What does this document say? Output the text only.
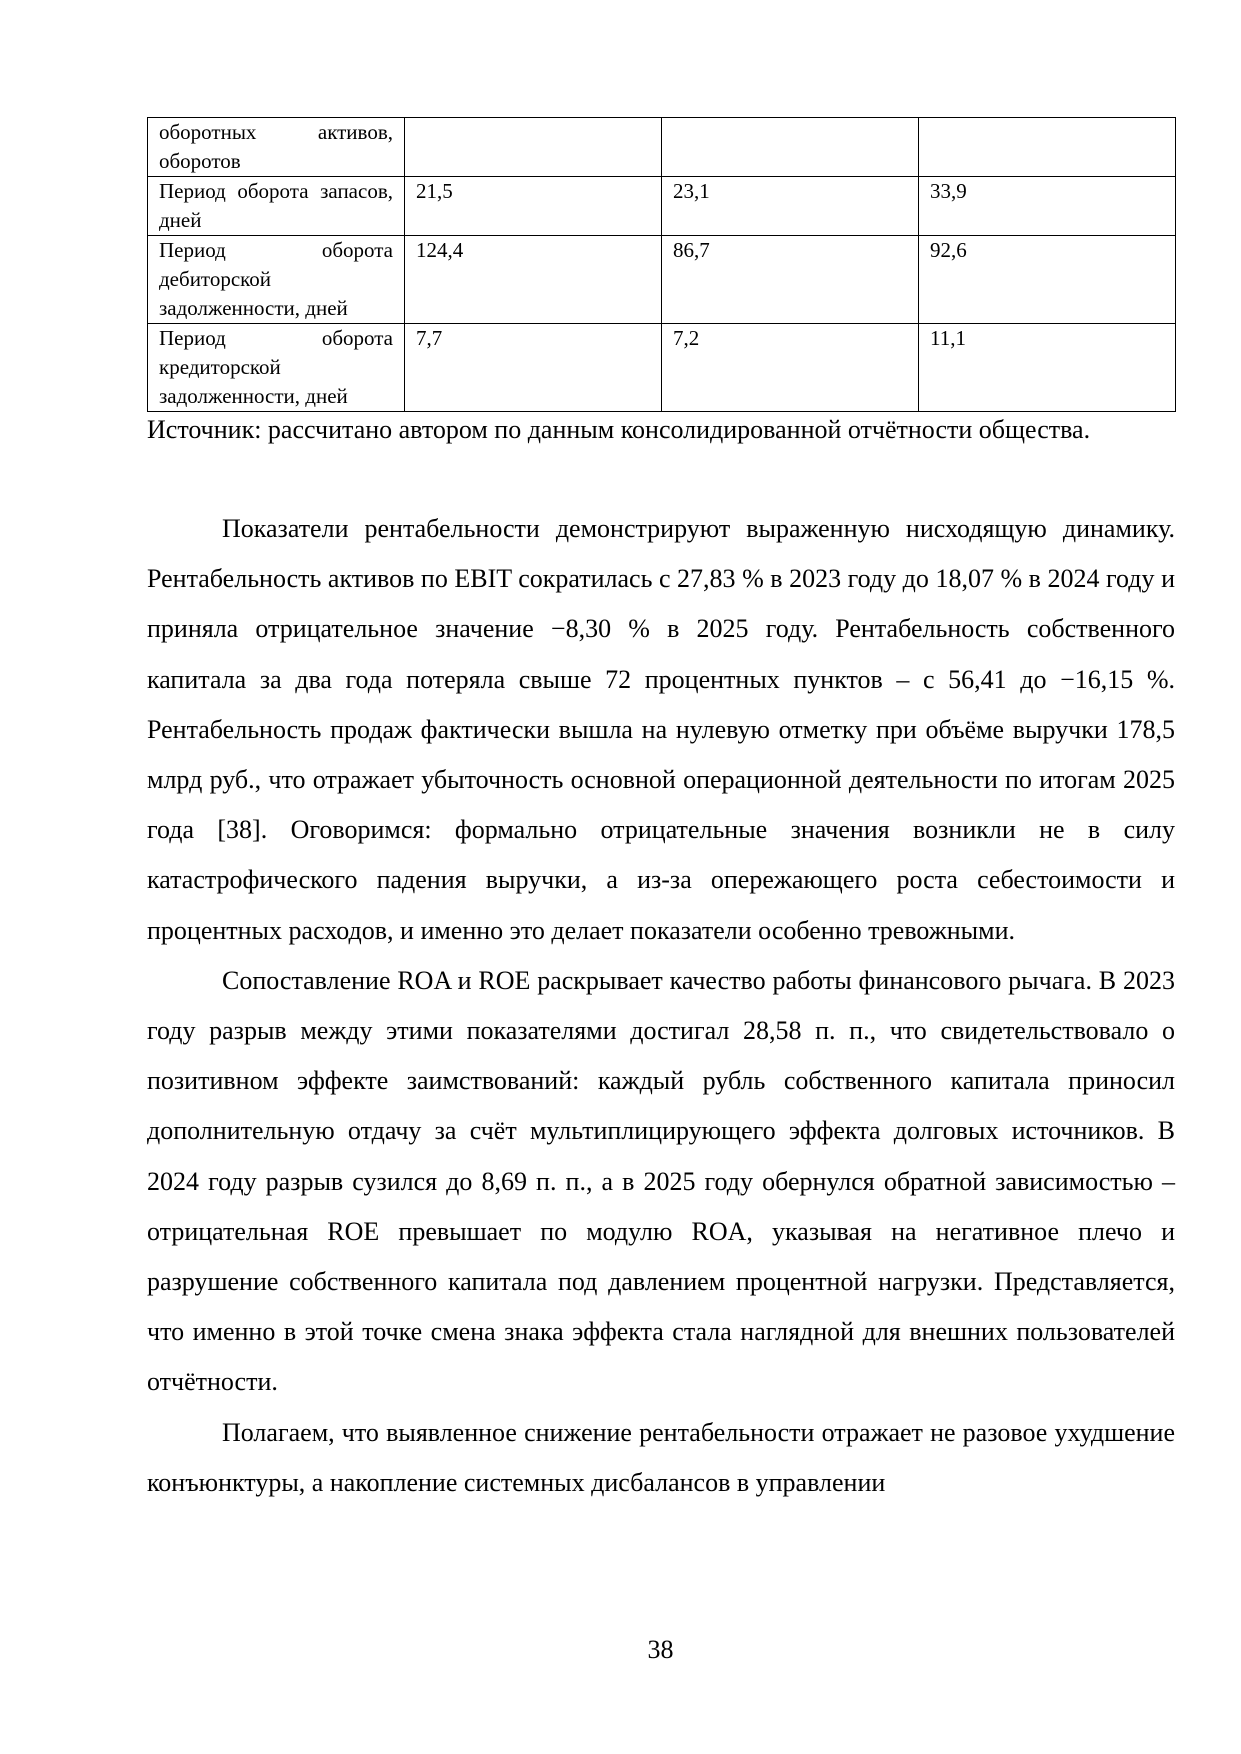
оборотных активов, оборотов			
Период оборота запасов, дней	21,5	23,1	33,9
Период оборота дебиторской задолженности, дней	124,4	86,7	92,6
Период оборота кредиторской задолженности, дней	7,7	7,2	11,1

Источник: рассчитано автором по данным консолидированной отчётности общества.

Показатели рентабельности демонстрируют выраженную нисходящую динамику. Рентабельность активов по EBIT сократилась с 27,83 % в 2023 году до 18,07 % в 2024 году и приняла отрицательное значение −8,30 % в 2025 году. Рентабельность собственного капитала за два года потеряла свыше 72 процентных пунктов – с 56,41 до −16,15 %. Рентабельность продаж фактически вышла на нулевую отметку при объёме выручки 178,5 млрд руб., что отражает убыточность основной операционной деятельности по итогам 2025 года [38]. Оговоримся: формально отрицательные значения возникли не в силу катастрофического падения выручки, а из-за опережающего роста себестоимости и процентных расходов, и именно это делает показатели особенно тревожными.

Сопоставление ROA и ROE раскрывает качество работы финансового рычага. В 2023 году разрыв между этими показателями достигал 28,58 п. п., что свидетельствовало о позитивном эффекте заимствований: каждый рубль собственного капитала приносил дополнительную отдачу за счёт мультиплицирующего эффекта долговых источников. В 2024 году разрыв сузился до 8,69 п. п., а в 2025 году обернулся обратной зависимостью – отрицательная ROE превышает по модулю ROA, указывая на негативное плечо и разрушение собственного капитала под давлением процентной нагрузки. Представляется, что именно в этой точке смена знака эффекта стала наглядной для внешних пользователей отчётности.

Полагаем, что выявленное снижение рентабельности отражает не разовое ухудшение конъюнктуры, а накопление системных дисбалансов в управлении

38
